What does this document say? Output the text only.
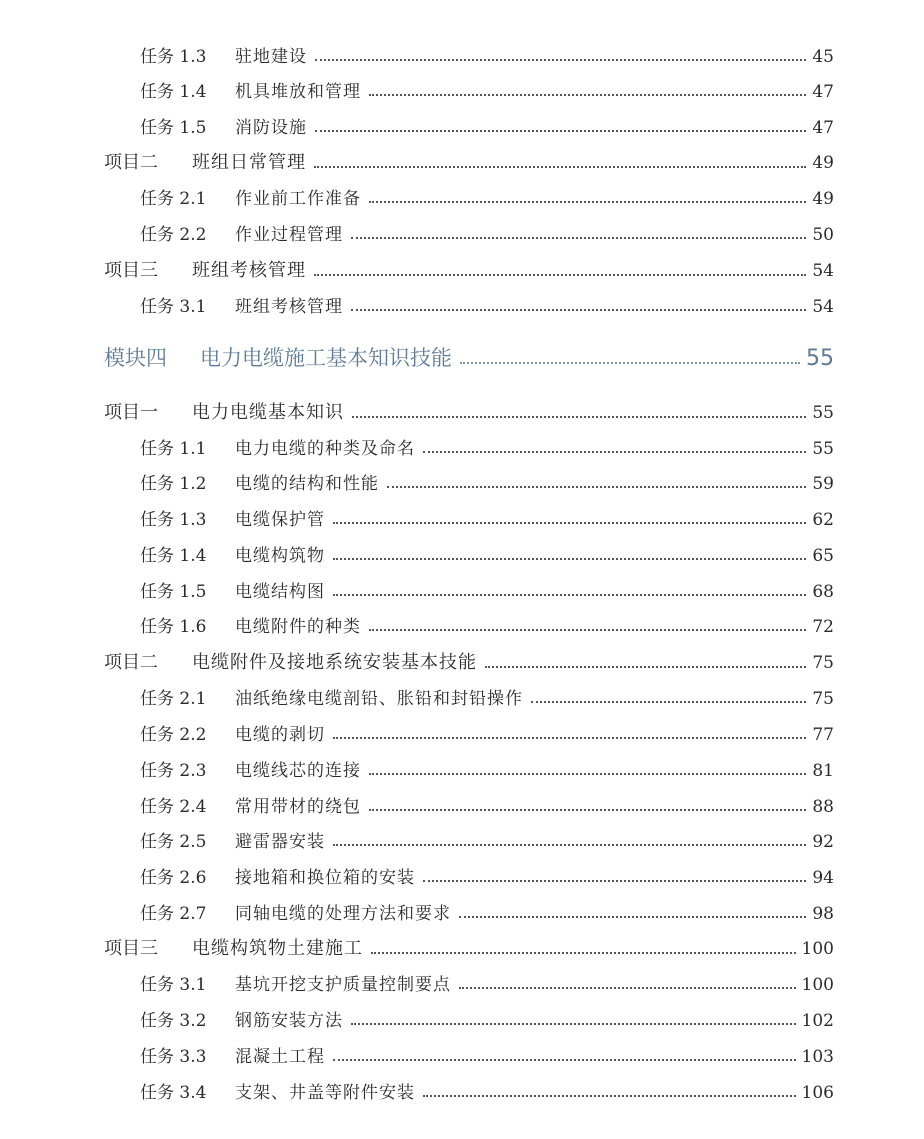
任务 1.3	驻地建设	45
任务 1.4	机具堆放和管理	47
任务 1.5	消防设施	47
项目二	班组日常管理	49
任务 2.1	作业前工作准备	49
任务 2.2	作业过程管理	50
项目三	班组考核管理	54
任务 3.1	班组考核管理	54
模块四	电力电缆施工基本知识技能	55
项目一	电力电缆基本知识	55
任务 1.1	电力电缆的种类及命名	55
任务 1.2	电缆的结构和性能	59
任务 1.3	电缆保护管	62
任务 1.4	电缆构筑物	65
任务 1.5	电缆结构图	68
任务 1.6	电缆附件的种类	72
项目二	电缆附件及接地系统安装基本技能	75
任务 2.1	油纸绝缘电缆剖铅、胀铅和封铅操作	75
任务 2.2	电缆的剥切	77
任务 2.3	电缆线芯的连接	81
任务 2.4	常用带材的绕包	88
任务 2.5	避雷器安装	92
任务 2.6	接地箱和换位箱的安装	94
任务 2.7	同轴电缆的处理方法和要求	98
项目三	电缆构筑物土建施工	100
任务 3.1	基坑开挖支护质量控制要点	100
任务 3.2	钢筋安装方法	102
任务 3.3	混凝土工程	103
任务 3.4	支架、井盖等附件安装	106
